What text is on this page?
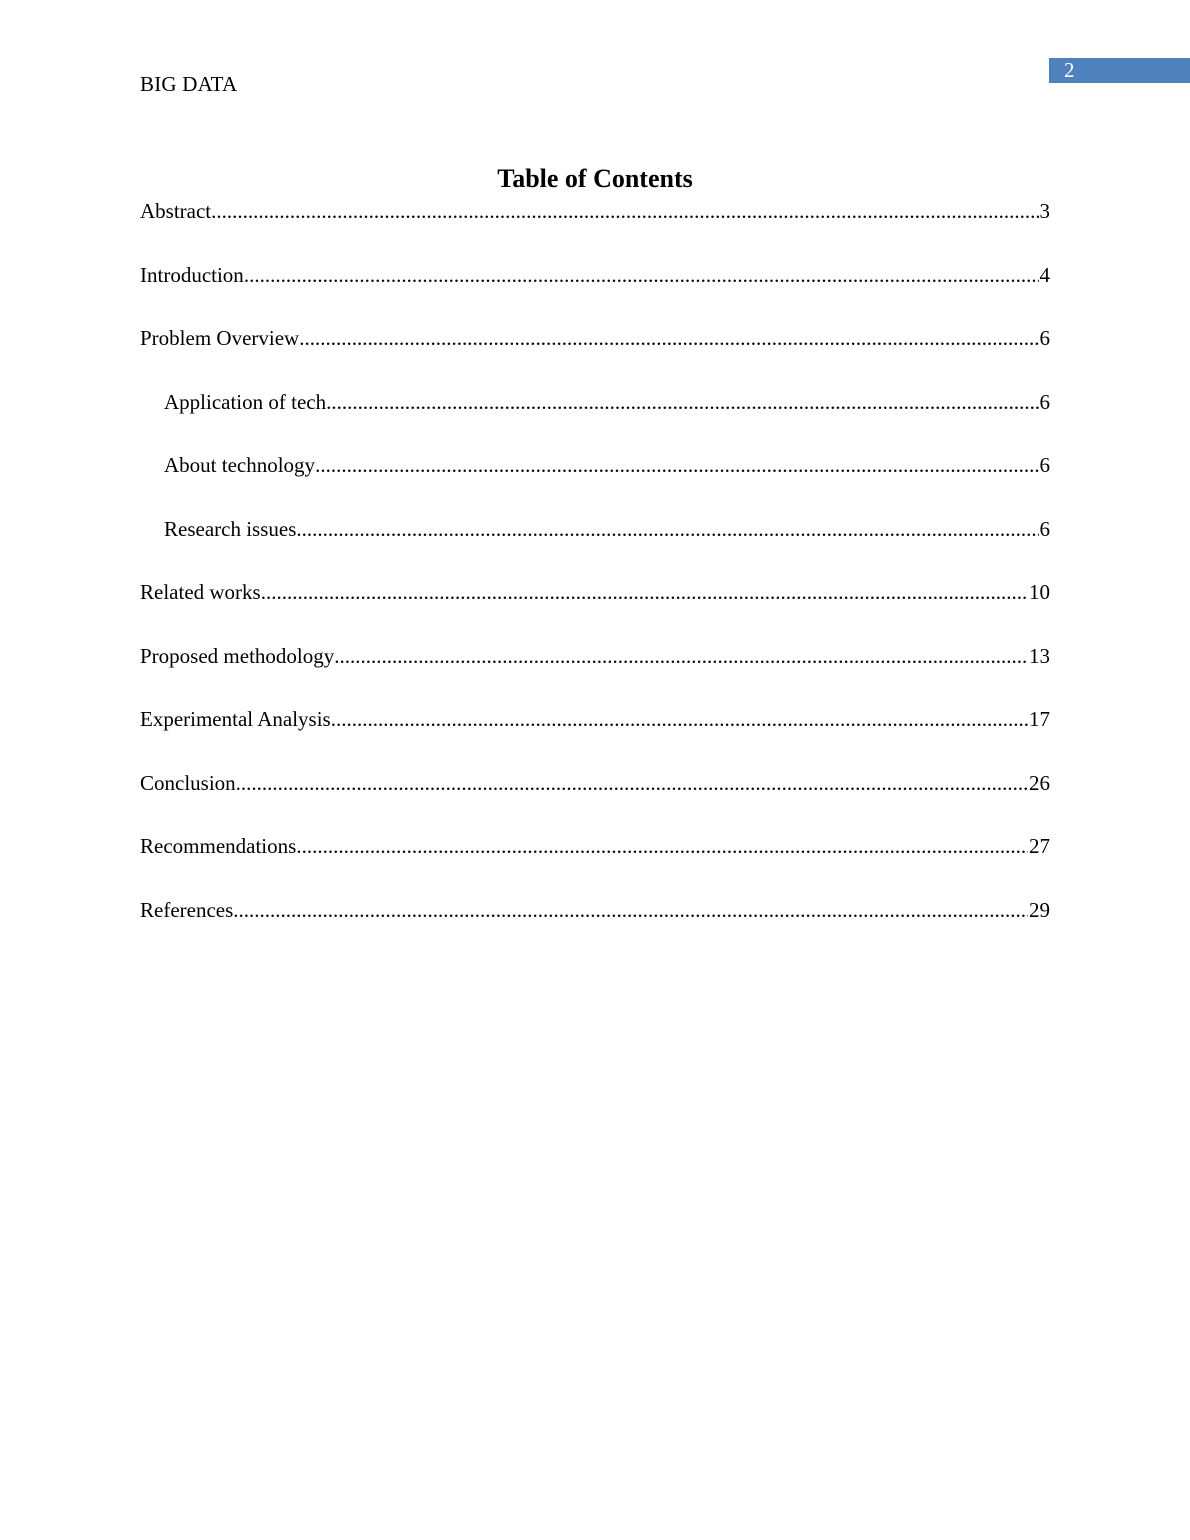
BIG DATA
2
Table of Contents
Abstract .....	3
Introduction .....	4
Problem Overview .....	6
Application of tech .....	6
About technology .....	6
Research issues .....	6
Related works .....	10
Proposed methodology .....	13
Experimental Analysis .....	17
Conclusion .....	26
Recommendations .....	27
References .....	29
